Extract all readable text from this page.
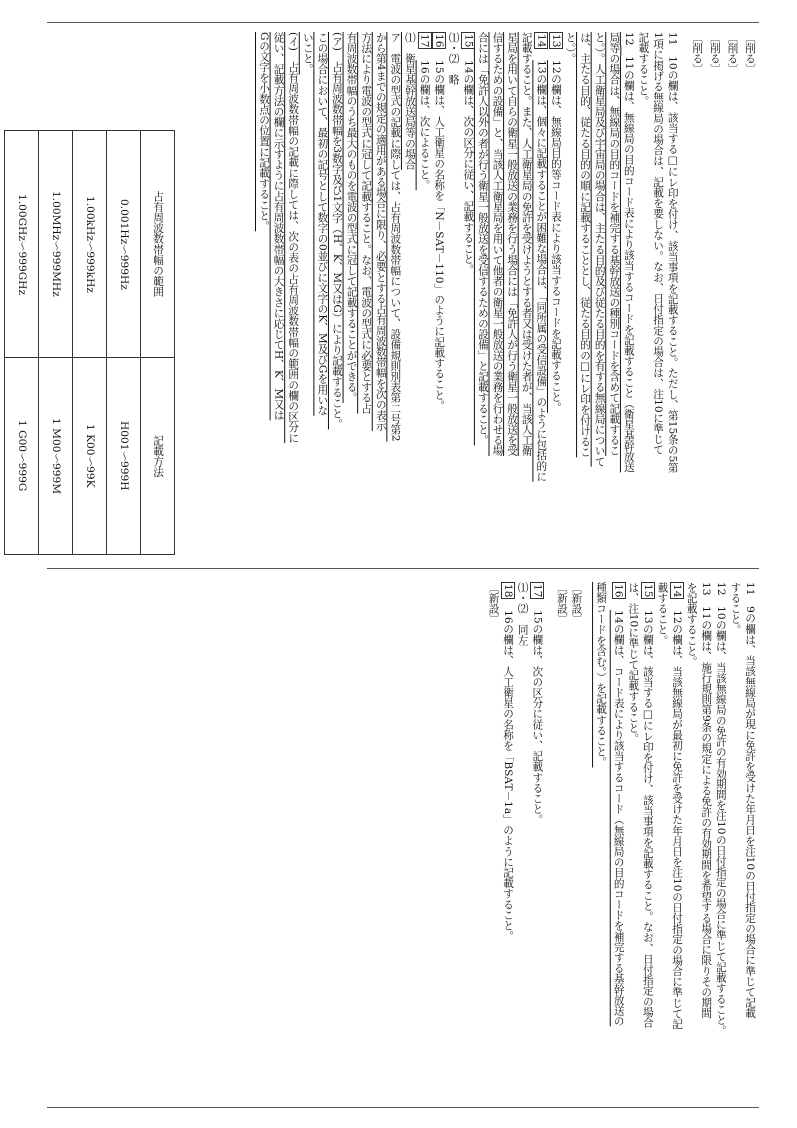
〔削る〕
〔削る〕
〔削る〕
〔削る〕
11　10の欄は、該当する□にレ印を付け、該当事項を記載すること。ただし、第15条の5第
1項に掲げる無線局の場合は、記載を要しない。なお、日付指定の場合は、注10に準じて
記載すること。
12　11の欄は、無線局の目的コード表により該当するコードを記載すること（衛星基幹放送
局等の場合は、無線局の目的コードを補完する基幹放送の種別コードを含めて記載するこ
と。）。人工衛星局及び宇宙局の場合は、主たる目的及び従たる目的を有する無線局について
は、主たる目的、従たる目的の順に記載することとし、従たる目的の□にレ印を付けるこ
と。）。
13　12の欄は、無線局目的等コード表により該当するコードを記載すること。
14　13の欄は、個々に記載することが困難な場合は、「同所属の受信設備」のように包括的に
記載すること。また、人工衛星局の免許を受けようとする者又は受けた者が、当該人工衛
星局を用いて自らの衛星一般放送の業務を行う場合には「免許人が行う衛星一般放送を受
信するための設備」と、当該人工衛星局を用いて他者の衛星一般放送の業務を行わせる場
合には「免許人以外の者が行う衛星一般放送を受信するための設備」と記載すること。
15　14の欄は、次の区分に従い、記載すること。
⑴・⑵　略
16　15の欄は、人工衛星の名称を「N－SAT－110」のように記載すること。
17　16の欄は、次によること。
⑴　衛星基幹放送局等の場合
ア　電波の型式の記載に際しては、占有周波数帯幅について、設備規則別表第二号第2
から第4までの規定の適用がある場合に限り、必要とする占有周波数帯幅を次の表示
方法により電波の型式に冠して記載すること。なお、電波の型式に必要とする占
有周波数帯幅のうち最大のものを電波の型式に冠して記載することができる。
(ア)　占有周波数帯幅を3数字及び1文字（H、K、M又はG）により記載すること。
この場合において、最初の記号として数字の0並びに文字のK、M及びGを用いな
いこと。
(イ)　占有周波数帯幅の記載に際しては、次の表の占有周波数帯幅の範囲の欄の区分に
従い、記載方法の欄に示すように占有周波数帯幅の大きさに応じてH、K、M又は
Gの文字を小数点の位置に記載すること。
占有周波数帯幅の範囲	記載方法
0.001Hz～999Hz	H001～999H
1.00kHz～999kHz	1 K00～99K
1.00MHz～999MHz	1 M00～999M
1.00GHz～999GHz	1 G00～999G
11　9の欄は、当該無線局が現に免許を受けた年月日を注10の日付指定の場合に準じて記載
すること。
12　10の欄は、当該無線局の免許の有効期間を注10の日付指定の場合に準じて記載すること。
13　11の欄は、施行規則第9条の規定による免許の有効期間を希望する場合に限りその期間
を記載すること。
14　12の欄は、当該無線局が最初に免許を受けた年月日を注10の日付指定の場合に準じて記
載すること。
15　13の欄は、該当する□にレ印を付け、該当事項を記載すること。なお、日付指定の場合
は、注10に準じて記載すること。
16　14の欄は、コード表により該当するコード（無線局の目的コードを補完する基幹放送の
種類コードを含む。）を記載すること。
〔新設〕
〔新設〕
17　15の欄は、次の区分に従い、記載すること。
⑴・⑵　同左
18　16の欄は、人工衛星の名称を「BSAT－1a」のように記載すること。
〔新設〕
